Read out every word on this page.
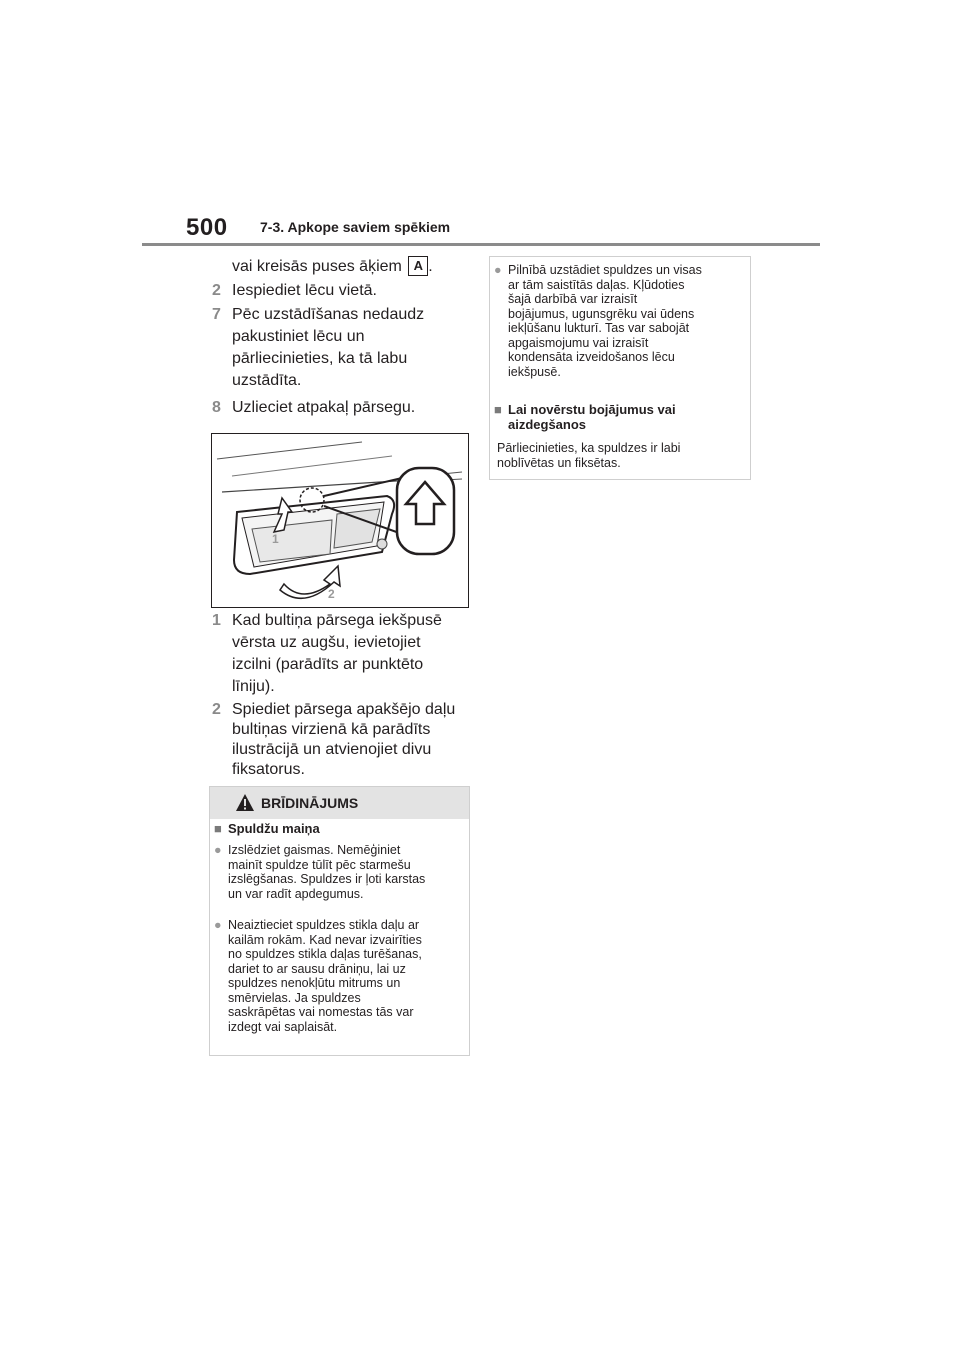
500 7-3. Apkope saviem spēkiem
vai kreisās puses āķiem A .
2 Iespiediet lēcu vietā.
7 Pēc uzstādīšanas nedaudz
pakustiniet lēcu un
pārliecinieties, ka tā labu
uzstādīta.
8 Uzlieciet atpakaļ pārsegu.
1
2
1 Kad bultiņa pārsega iekšpusē
vērsta uz augšu, ievietojiet
izcilni (parādīts ar punktēto
līniju).
2 Spiediet pārsega apakšējo daļu
bultiņas virzienā kā parādīts
ilustrācijā un atvienojiet divu
fiksatorus.
BRĪDINĀJUMS
■ Spuldžu maiņa
● Izslēdziet gaismas. Nemēģiniet
mainīt spuldze tūlīt pēc starmešu
izslēgšanas. Spuldzes ir ļoti karstas
un var radīt apdegumus.
● Neaiztieciet spuldzes stikla daļu ar
kailām rokām. Kad nevar izvairīties
no spuldzes stikla daļas turēšanas,
dariet to ar sausu drāniņu, lai uz
spuldzes nenokļūtu mitrums un
smērvielas. Ja spuldzes
saskrāpētas vai nomestas tās var
izdegt vai saplaisāt.
● Pilnībā uzstādiet spuldzes un visas
ar tām saistītās daļas. Kļūdoties
šajā darbībā var izraisīt
bojājumus, ugunsgrēku vai ūdens
iekļūšanu lukturī. Tas var sabojāt
apgaismojumu vai izraisīt
kondensāta izveidošanos lēcu
iekšpusē.
■ Lai novērstu bojājumus vai
aizdegšanos
Pārliecinieties, ka spuldzes ir labi
noblīvētas un fiksētas.
